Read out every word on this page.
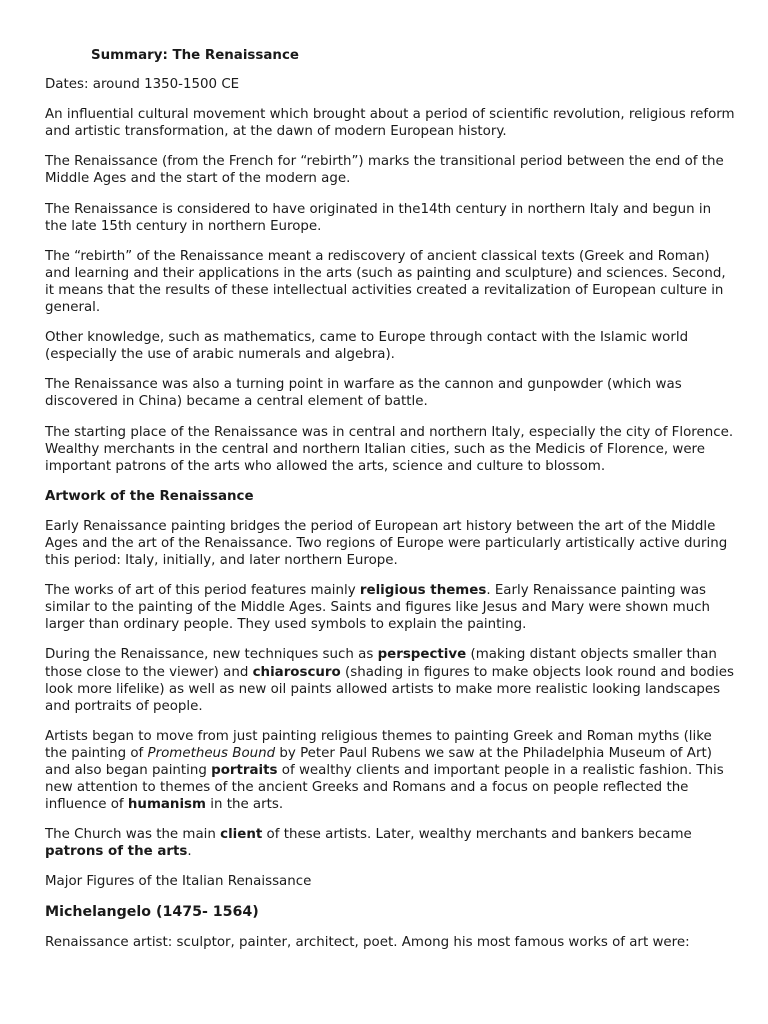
Summary: The Renaissance
Dates: around 1350-1500 CE
An influential cultural movement which brought about a period of scientific revolution, religious reform and artistic transformation, at the dawn of modern European history.
The Renaissance (from the French for “rebirth”) marks the transitional period between the end of the Middle Ages and the start of the modern age.
The Renaissance is considered to have originated in the14th century in northern Italy and begun in the late 15th century in northern Europe.
The “rebirth” of the Renaissance meant a rediscovery of ancient classical texts (Greek and Roman) and learning and their applications in the arts (such as painting and sculpture) and sciences. Second, it means that the results of these intellectual activities created a revitalization of European culture in general.
Other knowledge, such as mathematics, came to Europe through contact with the Islamic world (especially the use of arabic numerals and algebra).
The Renaissance was also a turning point in warfare as the cannon and gunpowder (which was discovered in China) became a central element of battle.
The starting place of the Renaissance was in central and northern Italy, especially the city of Florence. Wealthy merchants in the central and northern Italian cities, such as the Medicis of Florence, were important patrons of the arts who allowed the arts, science and culture to blossom.
Artwork of the Renaissance
Early Renaissance painting bridges the period of European art history between the art of the Middle Ages and the art of the Renaissance. Two regions of Europe were particularly artistically active during this period: Italy, initially, and later northern Europe.
The works of art of this period features mainly religious themes. Early Renaissance painting was similar to the painting of the Middle Ages. Saints and figures like Jesus and Mary were shown much larger than ordinary people. They used symbols to explain the painting.
During the Renaissance, new techniques such as perspective (making distant objects smaller than those close to the viewer) and chiaroscuro (shading in figures to make objects look round and bodies look more lifelike) as well as new oil paints allowed artists to make more realistic looking landscapes and portraits of people.
Artists began to move from just painting religious themes to painting Greek and Roman myths (like the painting of Prometheus Bound by Peter Paul Rubens we saw at the Philadelphia Museum of Art) and also began painting portraits of wealthy clients and important people in a realistic fashion. This new attention to themes of the ancient Greeks and Romans and a focus on people reflected the influence of humanism in the arts.
The Church was the main client of these artists. Later, wealthy merchants and bankers became patrons of the arts.
Major Figures of the Italian Renaissance
Michelangelo (1475- 1564)
Renaissance artist: sculptor, painter, architect, poet. Among his most famous works of art were:
